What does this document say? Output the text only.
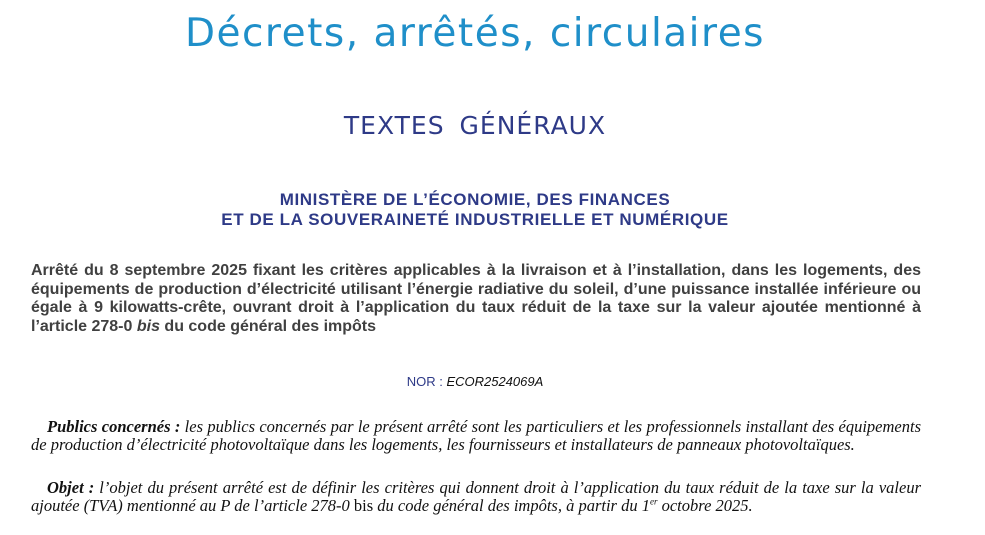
Décrets, arrêtés, circulaires
TEXTES GÉNÉRAUX
MINISTÈRE DE L’ÉCONOMIE, DES FINANCES
ET DE LA SOUVERAINETÉ INDUSTRIELLE ET NUMÉRIQUE
Arrêté du 8 septembre 2025 fixant les critères applicables à la livraison et à l’installation, dans les logements, des équipements de production d’électricité utilisant l’énergie radiative du soleil, d’une puissance installée inférieure ou égale à 9 kilowatts-crête, ouvrant droit à l’application du taux réduit de la taxe sur la valeur ajoutée mentionné à l’article 278-0 bis du code général des impôts
NOR : ECOR2524069A
Publics concernés : les publics concernés par le présent arrêté sont les particuliers et les professionnels installant des équipements de production d’électricité photovoltaïque dans les logements, les fournisseurs et installateurs de panneaux photovoltaïques.
Objet : l’objet du présent arrêté est de définir les critères qui donnent droit à l’application du taux réduit de la taxe sur la valeur ajoutée (TVA) mentionné au P de l’article 278-0 bis du code général des impôts, à partir du 1er octobre 2025.
